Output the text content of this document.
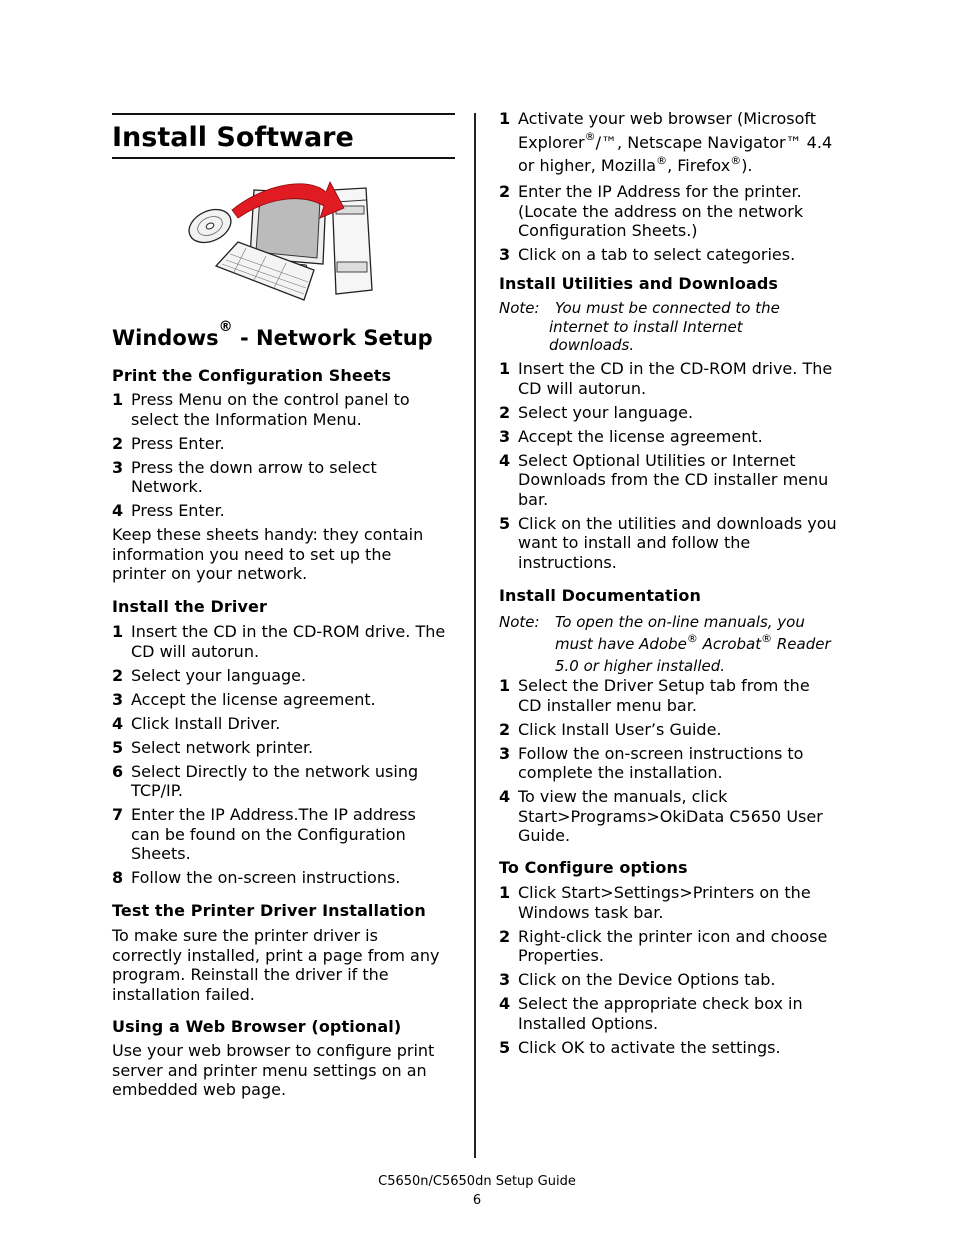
Install Software
Windows® - Network Setup
Print the Configuration Sheets
1 Press Menu on the control panel to select the Information Menu.
2 Press Enter.
3 Press the down arrow to select Network.
4 Press Enter.

Keep these sheets handy: they contain information you need to set up the printer on your network.

Install the Driver
1 Insert the CD in the CD-ROM drive. The CD will autorun.
2 Select your language.
3 Accept the license agreement.
4 Click Install Driver.
5 Select network printer.
6 Select Directly to the network using TCP/IP.
7 Enter the IP Address.The IP address can be found on the Configuration Sheets.
8 Follow the on-screen instructions.
Test the Printer Driver Installation

To make sure the printer driver is correctly installed, print a page from any program. Reinstall the driver if the installation failed.

Using a Web Browser (optional)

Use your web browser to configure print server and printer menu settings on an embedded web page.

1 Activate your web browser (Microsoft Explorer®/™, Netscape Navigator™ 4.4 or higher, Mozilla®, Firefox®).
2 Enter the IP Address for the printer. (Locate the address on the network Configuration Sheets.)
3 Click on a tab to select categories.
Install Utilities and Downloads
Note:	You must be connected to the internet to install Internet downloads.
1 Insert the CD in the CD-ROM drive. The CD will autorun.
2 Select your language.
3 Accept the license agreement.
4 Select Optional Utilities or Internet Downloads from the CD installer menu bar.
5 Click on the utilities and downloads you want to install and follow the instructions.
Install Documentation
Note:	To open the on-line manuals, you must have Adobe® Acrobat® Reader 5.0 or higher installed.
1 Select the Driver Setup tab from the CD installer menu bar.
2 Click Install User’s Guide.
3 Follow the on-screen instructions to complete the installation.
4 To view the manuals, click Start>Programs>OkiData C5650 User Guide.
To Configure options
1 Click Start>Settings>Printers on the Windows task bar.
2 Right-click the printer icon and choose Properties.
3 Click on the Device Options tab.
4 Select the appropriate check box in Installed Options.
5 Click OK to activate the settings.
C5650n/C5650dn Setup Guide
6
